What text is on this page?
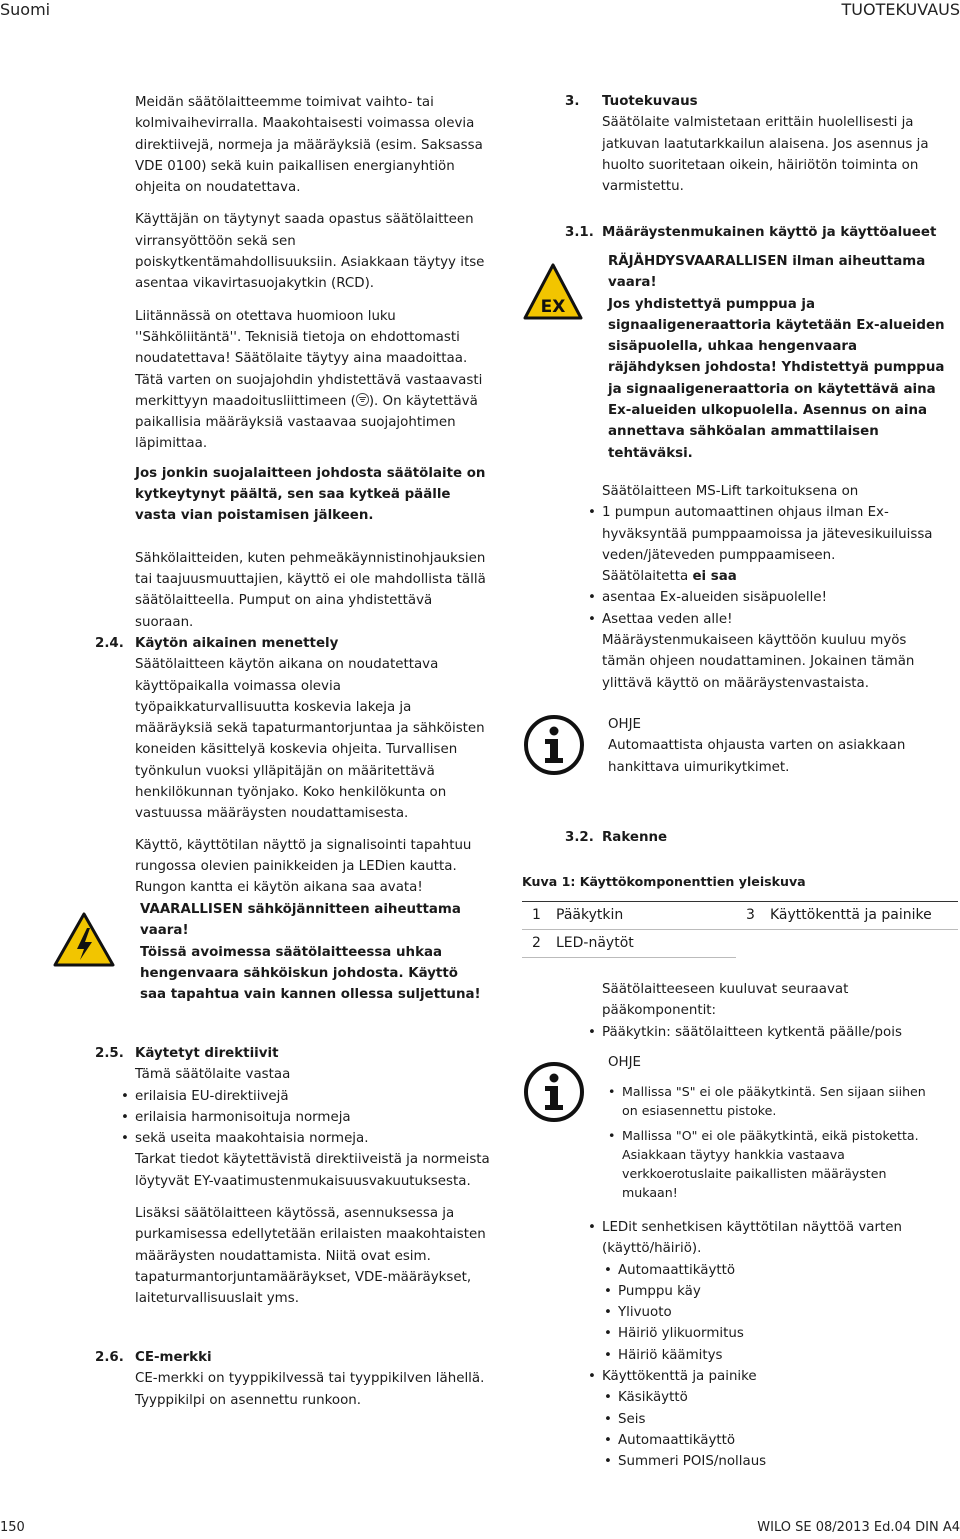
Suomi	TUOTEKUVAUS

Meidän säätölaitteemme toimivat vaihto- tai kolmivaihevirralla. Maakohtaisesti voimassa olevia direktiivejä, normeja ja määräyksiä (esim. Saksassa VDE 0100) sekä kuin paikallisen energianyhtiön ohjeita on noudatettava.

Käyttäjän on täytynyt saada opastus säätölaitteen virransyöttöön sekä sen poiskytkentämahdollisuuksiin. Asiakkaan täytyy itse asentaa vikavirtasuojakytkin (RCD).

Liitännässä on otettava huomioon luku ''Sähköliitäntä''. Teknisiä tietoja on ehdottomasti noudatettava! Säätölaite täytyy aina maadoittaa. Tätä varten on suojajohdin yhdistettävä vastaavasti merkittyyn maadoitusliittimeen ( ). On käytettävä paikallisia määräyksiä vastaavaa suojajohtimen läpimittaa.

Jos jonkin suojalaitteen johdosta säätölaite on kytkeytynyt päältä, sen saa kytkeä päälle vasta vian poistamisen jälkeen.

Sähkölaitteiden, kuten pehmeäkäynnistinohjauksien tai taajuusmuuttajien, käyttö ei ole mahdollista tällä säätölaitteella. Pumput on aina yhdistettävä suoraan.

2.4. Käytön aikainen menettely

Säätölaitteen käytön aikana on noudatettava käyttöpaikalla voimassa olevia työpaikkaturvallisuutta koskevia lakeja ja määräyksiä sekä tapaturmantorjuntaa ja sähköisten koneiden käsittelyä koskevia ohjeita. Turvallisen työnkulun vuoksi ylläpitäjän on määritettävä henkilökunnan työnjako. Koko henkilökunta on vastuussa määräysten noudattamisesta.

Käyttö, käyttötilan näyttö ja signalisointi tapahtuu rungossa olevien painikkeiden ja LEDien kautta. Rungon kantta ei käytön aikana saa avata!

VAARALLISEN sähköjännitteen aiheuttama vaara!

Töissä avoimessa säätölaitteessa uhkaa hengenvaara sähköiskun johdosta. Käyttö saa tapahtua vain kannen ollessa suljettuna!

2.5. Käytetyt direktiivit

Tämä säätölaite vastaa

• erilaisia EU-direktiivejä
• erilaisia harmonisoituja normeja
• sekä useita maakohtaisia normeja.

Tarkat tiedot käytettävistä direktiiveistä ja normeista löytyvät EY-vaatimustenmukaisuusvakuutuksesta.

Lisäksi säätölaitteen käytössä, asennuksessa ja purkamisessa edellytetään erilaisten maakohtaisten määräysten noudattamista. Niitä ovat esim. tapaturmantorjuntamääräykset, VDE-määräykset, laiteturvallisuuslait yms.

2.6. CE-merkki

CE-merkki on tyyppikilvessä tai tyyppikilven lähellä. Tyyppikilpi on asennettu runkoon.

3. Tuotekuvaus

Säätölaite valmistetaan erittäin huolellisesti ja jatkuvan laatutarkkailun alaisena. Jos asennus ja huolto suoritetaan oikein, häiriötön toiminta on varmistettu.

3.1. Määräystenmukainen käyttö ja käyttöalueet
EX

RÄJÄHDYSVAARALLISEN ilman aiheuttama vaara!

Jos yhdistettyä pumppua ja signaaligeneraattoria käytetään Ex-alueiden sisäpuolella, uhkaa hengenvaara räjähdyksen johdosta! Yhdistettyä pumppua ja signaaligeneraattoria on käytettävä aina Ex-alueiden ulkopuolella. Asennus on aina annettava sähköalan ammattilaisen tehtäväksi.

Säätölaitteen MS-Lift tarkoituksena on

• 1 pumpun automaattinen ohjaus ilman Ex-hyväksyntää pumppaamoissa ja jätevesikuiluissa veden/jäteveden pumppaamiseen.

Säätölaitetta ei saa

• asentaa Ex-alueiden sisäpuolelle!
• Asettaa veden alle!

Määräystenmukaiseen käyttöön kuuluu myös tämän ohjeen noudattaminen. Jokainen tämän ylittävä käyttö on määräystenvastaista.

OHJE

Automaattista ohjausta varten on asiakkaan hankittava uimurikytkimet.

3.2. Rakenne
Kuva 1: Käyttökomponenttien yleiskuva
1	Pääkytkin	3	Käyttökenttä ja painike
2	LED-näytöt		

Säätölaitteeseen kuuluvat seuraavat pääkomponentit:

• Pääkytkin: säätölaitteen kytkentä päälle/pois

OHJE

• Mallissa "S" ei ole pääkytkintä. Sen sijaan siihen on esiasennettu pistoke.
• Mallissa "O" ei ole pääkytkintä, eikä pistoketta. Asiakkaan täytyy hankkia vastaava verkkoerotuslaite paikallisten määräysten mukaan!
• LEDit senhetkisen käyttötilan näyttöä varten (käyttö/häiriö).
• Automaattikäyttö
• Pumppu käy
• Ylivuoto
• Häiriö ylikuormitus
• Häiriö käämitys
• Käyttökenttä ja painike
• Käsikäyttö
• Seis
• Automaattikäyttö
• Summeri POIS/nollaus
150	WILO SE 08/2013 Ed.04 DIN A4
